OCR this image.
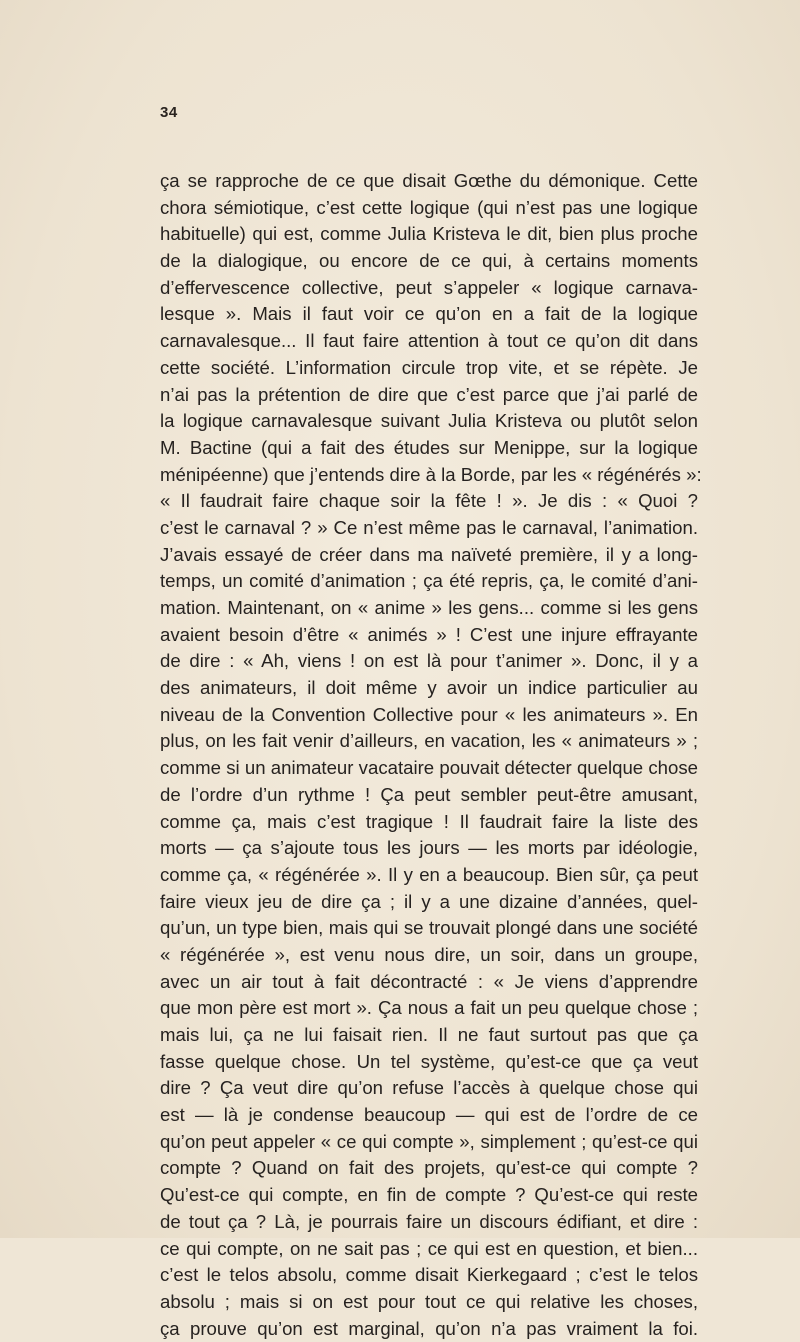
34
ça se rapproche de ce que disait Gœthe du démonique. Cette
chora sémiotique, c’est cette logique (qui n’est pas une logique
habituelle) qui est, comme Julia Kristeva le dit, bien plus proche
de la dialogique, ou encore de ce qui, à certains moments
d’effervescence collective, peut s’appeler « logique carnava-
lesque ». Mais il faut voir ce qu’on en a fait de la logique
carnavalesque... Il faut faire attention à tout ce qu’on dit dans
cette société. L’information circule trop vite, et se répète. Je
n’ai pas la prétention de dire que c’est parce que j’ai parlé de
la logique carnavalesque suivant Julia Kristeva ou plutôt selon
M. Bactine (qui a fait des études sur Menippe, sur la logique
ménipéenne) que j’entends dire à la Borde, par les « régénérés »:
« Il faudrait faire chaque soir la fête ! ». Je dis : « Quoi ?
c’est le carnaval ? » Ce n’est même pas le carnaval, l’animation.
J’avais essayé de créer dans ma naïveté première, il y a long-
temps, un comité d’animation ; ça été repris, ça, le comité d’ani-
mation. Maintenant, on « anime » les gens... comme si les gens
avaient besoin d’être « animés » ! C’est une injure effrayante
de dire : « Ah, viens ! on est là pour t’animer ». Donc, il y a
des animateurs, il doit même y avoir un indice particulier au
niveau de la Convention Collective pour « les animateurs ». En
plus, on les fait venir d’ailleurs, en vacation, les « animateurs » ;
comme si un animateur vacataire pouvait détecter quelque chose
de l’ordre d’un rythme ! Ça peut sembler peut-être amusant,
comme ça, mais c’est tragique ! Il faudrait faire la liste des
morts — ça s’ajoute tous les jours — les morts par idéologie,
comme ça, « régénérée ». Il y en a beaucoup. Bien sûr, ça peut
faire vieux jeu de dire ça ; il y a une dizaine d’années, quel-
qu’un, un type bien, mais qui se trouvait plongé dans une société
« régénérée », est venu nous dire, un soir, dans un groupe,
avec un air tout à fait décontracté : « Je viens d’apprendre
que mon père est mort ». Ça nous a fait un peu quelque chose ;
mais lui, ça ne lui faisait rien. Il ne faut surtout pas que ça
fasse quelque chose. Un tel système, qu’est-ce que ça veut
dire ? Ça veut dire qu’on refuse l’accès à quelque chose qui
est — là je condense beaucoup — qui est de l’ordre de ce
qu’on peut appeler « ce qui compte », simplement ; qu’est-ce qui
compte ? Quand on fait des projets, qu’est-ce qui compte ?
Qu’est-ce qui compte, en fin de compte ? Qu’est-ce qui reste
de tout ça ? Là, je pourrais faire un discours édifiant, et dire :
ce qui compte, on ne sait pas ; ce qui est en question, et bien...
c’est le telos absolu, comme disait Kierkegaard ; c’est le telos
absolu ; mais si on est pour tout ce qui relative les choses,
ça prouve qu’on est marginal, qu’on n’a pas vraiment la foi.
